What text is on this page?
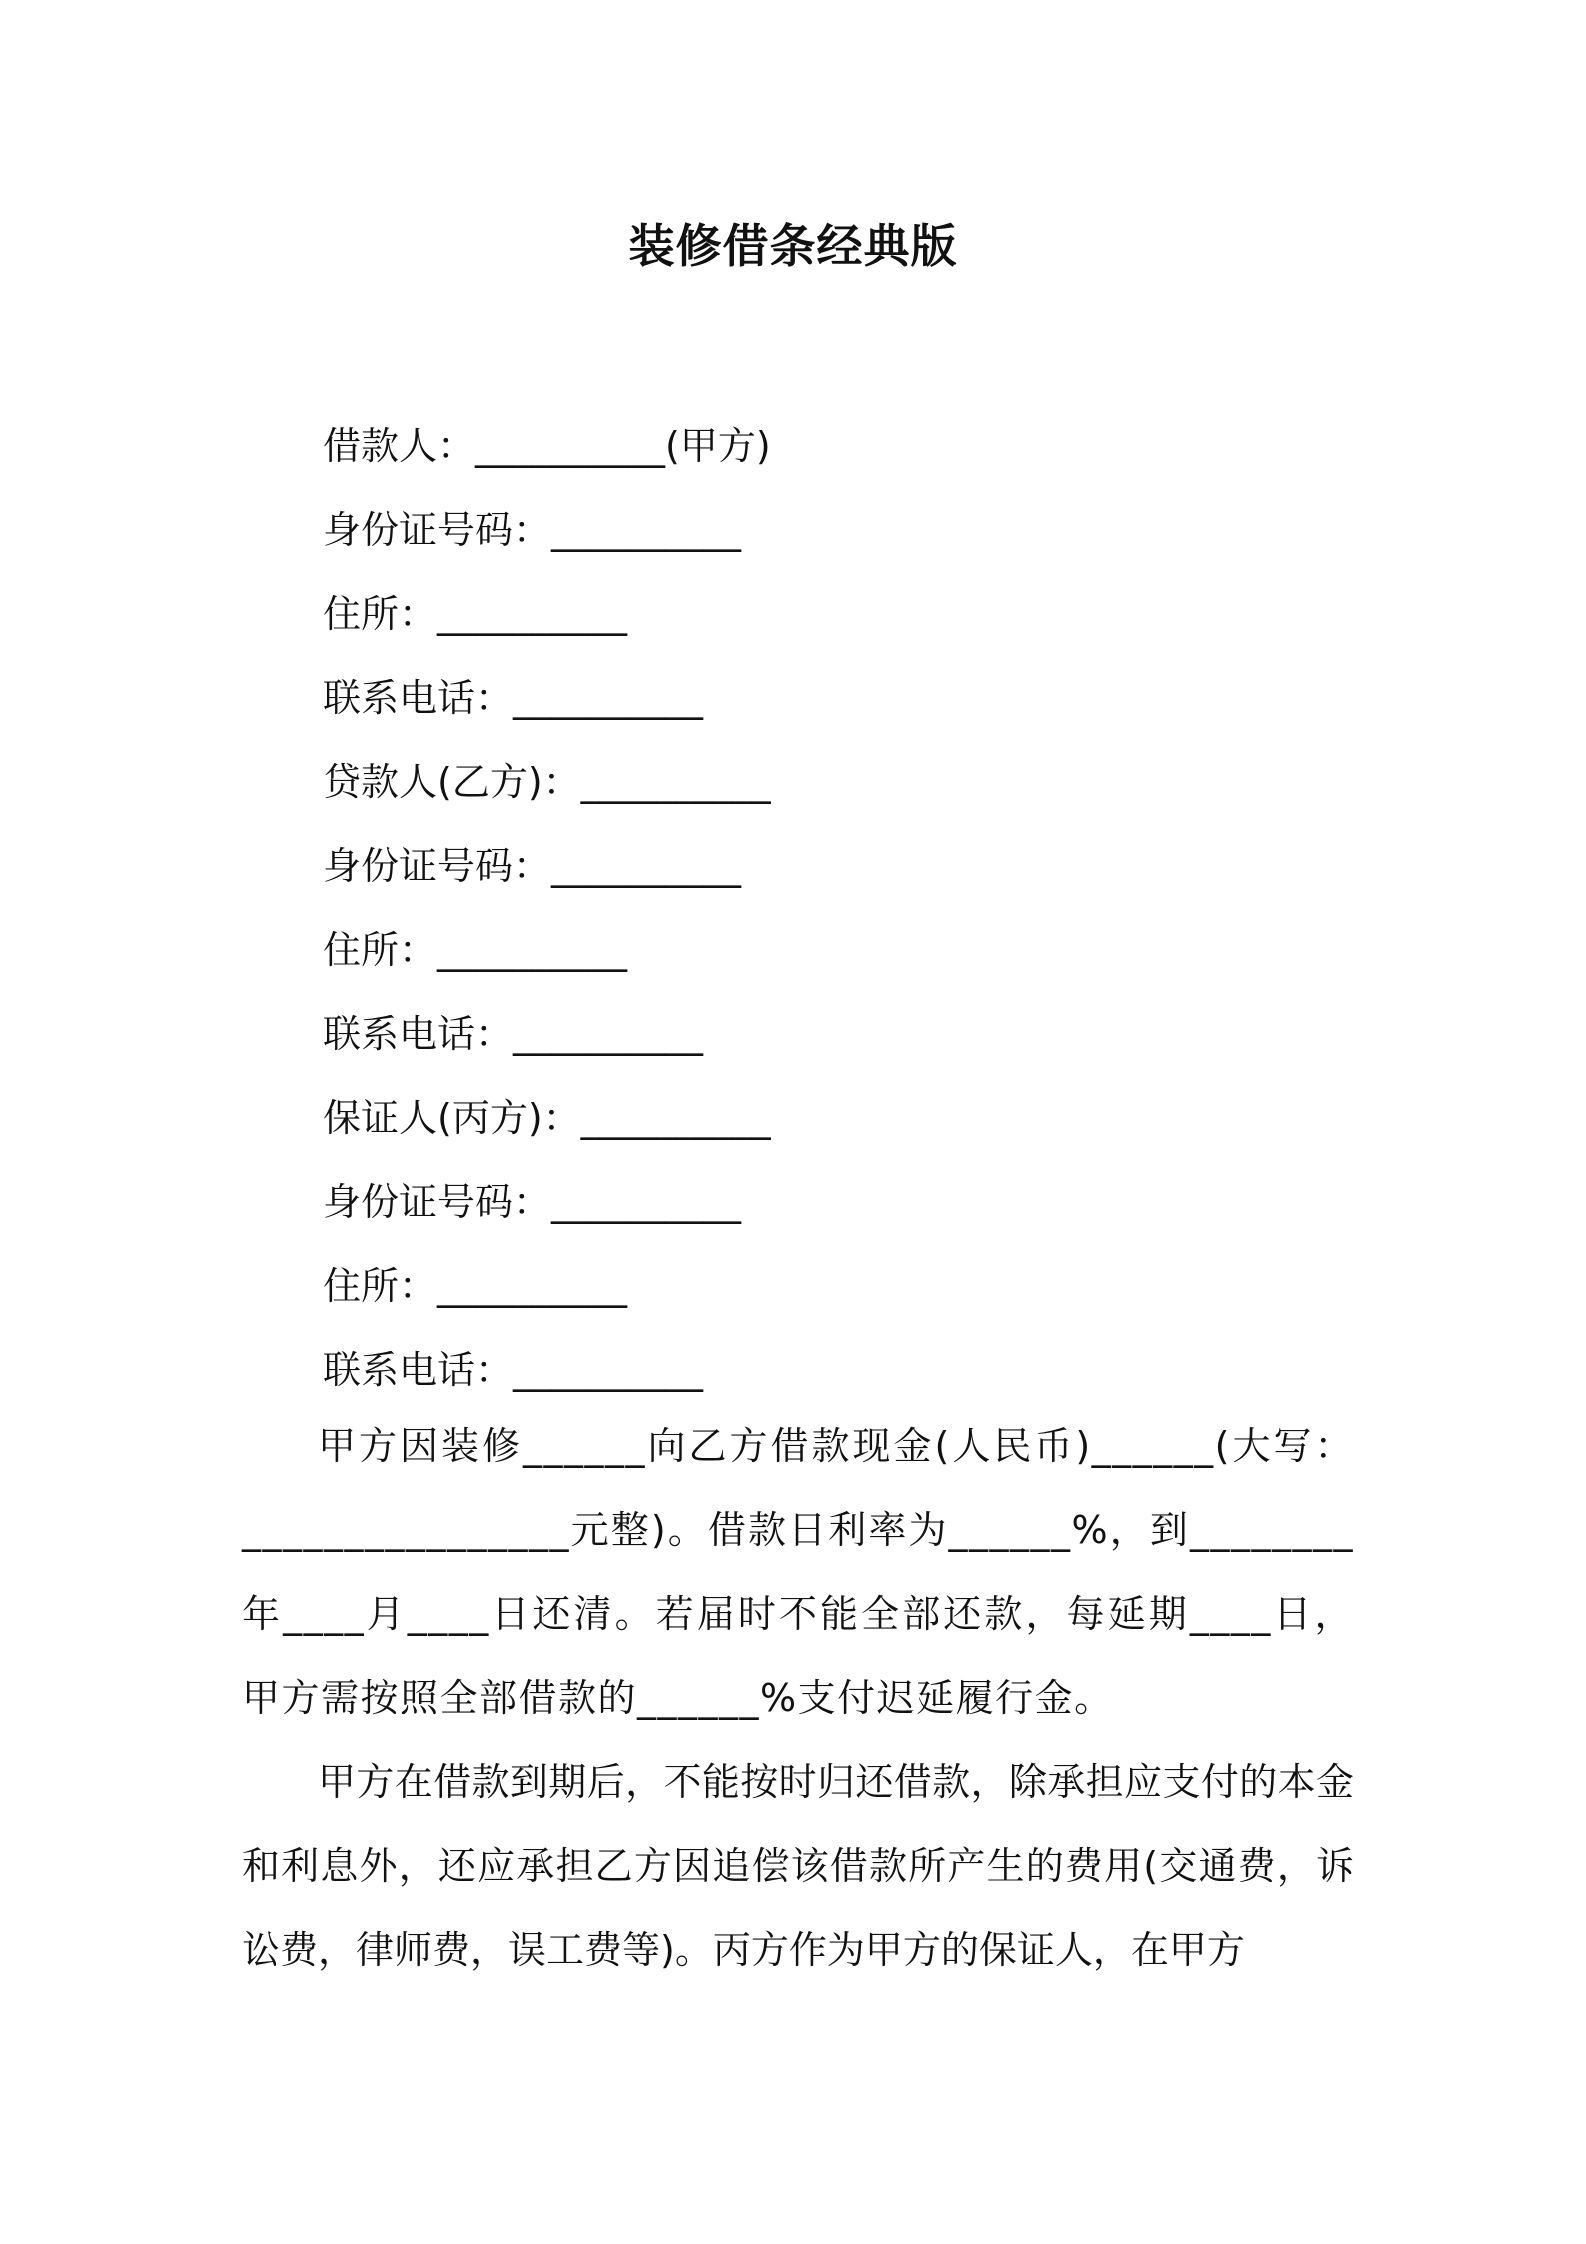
装修借条经典版
借款人：__________(甲方)
身份证号码：__________
住所：__________
联系电话：__________
贷款人(乙方)：__________
身份证号码：__________
住所：__________
联系电话：__________
保证人(丙方)：__________
身份证号码：__________
住所：__________
联系电话：__________

甲方因装修______向乙方借款现金(人民币)______(大写：________________元整)。借款日利率为______%，到________年____月____日还清。若届时不能全部还款，每延期____日，甲方需按照全部借款的______%支付迟延履行金。

甲方在借款到期后，不能按时归还借款，除承担应支付的本金和利息外，还应承担乙方因追偿该借款所产生的费用(交通费，诉讼费，律师费，误工费等)。丙方作为甲方的保证人，在甲方
